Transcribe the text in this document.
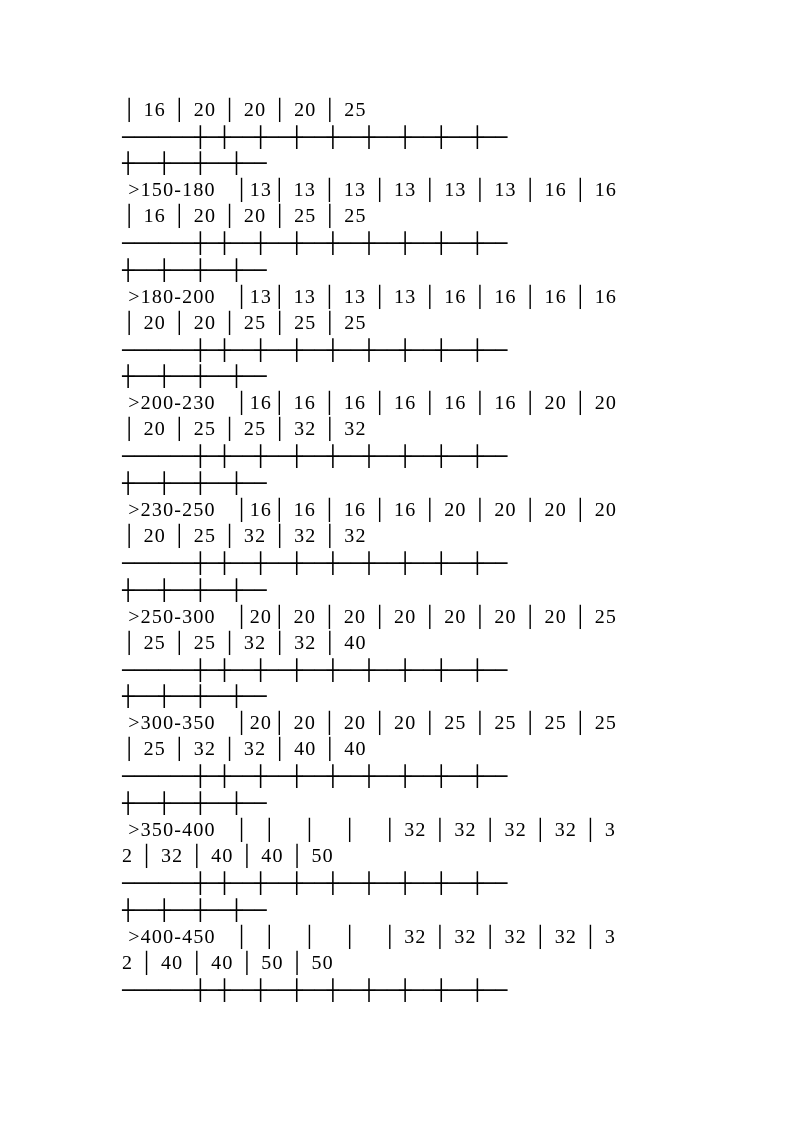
│ 16 │ 20 │ 20 │ 20 │ 25
──────┼─┼──┼──┼──┼──┼──┼──┼──┼──
┼──┼──┼──┼──
>150-180   │13│ 13 │ 13 │ 13 │ 13 │ 13 │ 16 │ 16
│ 16 │ 20 │ 20 │ 25 │ 25
──────┼─┼──┼──┼──┼──┼──┼──┼──┼──
┼──┼──┼──┼──
>180-200   │13│ 13 │ 13 │ 13 │ 16 │ 16 │ 16 │ 16
│ 20 │ 20 │ 25 │ 25 │ 25
──────┼─┼──┼──┼──┼──┼──┼──┼──┼──
┼──┼──┼──┼──
>200-230   │16│ 16 │ 16 │ 16 │ 16 │ 16 │ 20 │ 20
│ 20 │ 25 │ 25 │ 32 │ 32
──────┼─┼──┼──┼──┼──┼──┼──┼──┼──
┼──┼──┼──┼──
>230-250   │16│ 16 │ 16 │ 16 │ 20 │ 20 │ 20 │ 20
│ 20 │ 25 │ 32 │ 32 │ 32
──────┼─┼──┼──┼──┼──┼──┼──┼──┼──
┼──┼──┼──┼──
>250-300   │20│ 20 │ 20 │ 20 │ 20 │ 20 │ 20 │ 25
│ 25 │ 25 │ 32 │ 32 │ 40
──────┼─┼──┼──┼──┼──┼──┼──┼──┼──
┼──┼──┼──┼──
>300-350   │20│ 20 │ 20 │ 20 │ 25 │ 25 │ 25 │ 25
│ 25 │ 32 │ 32 │ 40 │ 40
──────┼─┼──┼──┼──┼──┼──┼──┼──┼──
┼──┼──┼──┼──
>350-400   │  │    │    │    │ 32 │ 32 │ 32 │ 32 │ 3
2 │ 32 │ 40 │ 40 │ 50
──────┼─┼──┼──┼──┼──┼──┼──┼──┼──
┼──┼──┼──┼──
>400-450   │  │    │    │    │ 32 │ 32 │ 32 │ 32 │ 3
2 │ 40 │ 40 │ 50 │ 50
──────┼─┼──┼──┼──┼──┼──┼──┼──┼──
